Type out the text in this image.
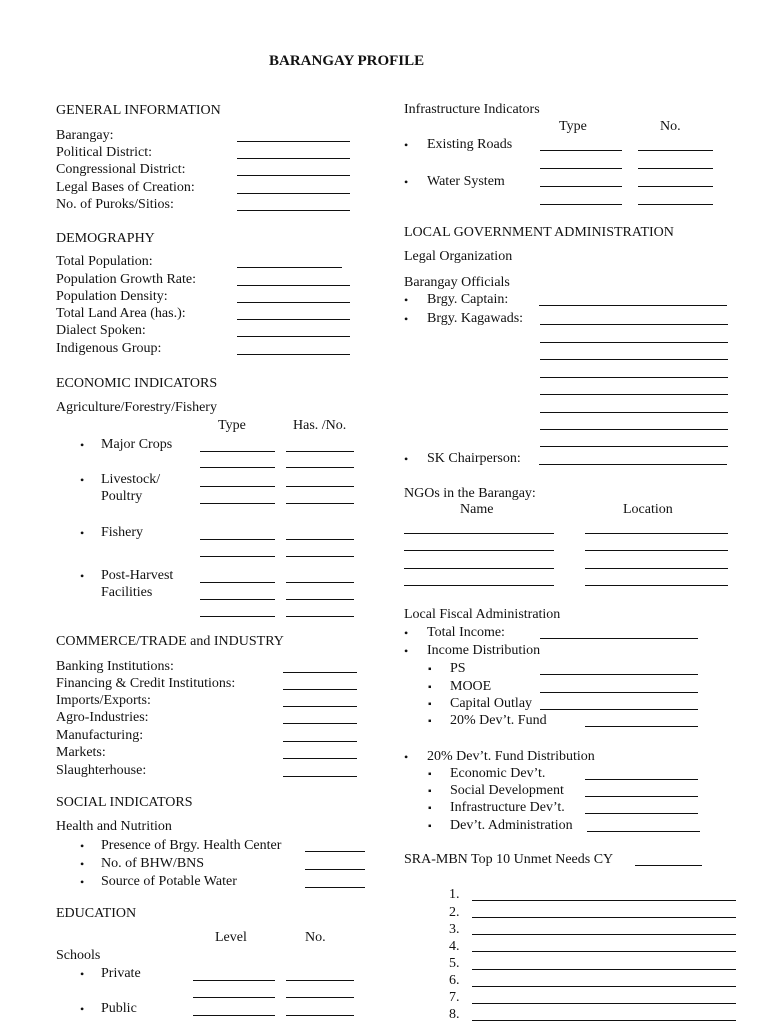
BARANGAY PROFILE
GENERAL INFORMATION
Barangay:
Political District:
Congressional District:
Legal Bases of Creation:
No. of Puroks/Sitios:
DEMOGRAPHY
Total Population:
Population Growth Rate:
Population Density:
Total Land Area (has.):
Dialect Spoken:
Indigenous Group:
ECONOMIC INDICATORS
Agriculture/Forestry/Fishery
Type	Has. /No.
• Major Crops
• Livestock/
Poultry
• Fishery
• Post-Harvest
Facilities
COMMERCE/TRADE and INDUSTRY
Banking Institutions:
Financing & Credit Institutions:
Imports/Exports:
Agro-Industries:
Manufacturing:
Markets:
Slaughterhouse:
SOCIAL INDICATORS
Health and Nutrition
• Presence of Brgy. Health Center
• No. of BHW/BNS
• Source of Potable Water
EDUCATION
Level	No.
Schools
• Private
• Public
Infrastructure Indicators
Type	No.
• Existing Roads
• Water System
LOCAL GOVERNMENT ADMINISTRATION
Legal Organization
Barangay Officials
• Brgy. Captain:
• Brgy. Kagawads:
• SK Chairperson:
NGOs in the Barangay:
Name	Location
Local Fiscal Administration
• Total Income:
• Income Distribution
▪ PS
▪ MOOE
▪ Capital Outlay
▪ 20% Dev’t. Fund
• 20% Dev’t. Fund Distribution
▪ Economic Dev’t.
▪ Social Development
▪ Infrastructure Dev’t.
▪ Dev’t. Administration
SRA-MBN Top 10 Unmet Needs CY
1.
2.
3.
4.
5.
6.
7.
8.
